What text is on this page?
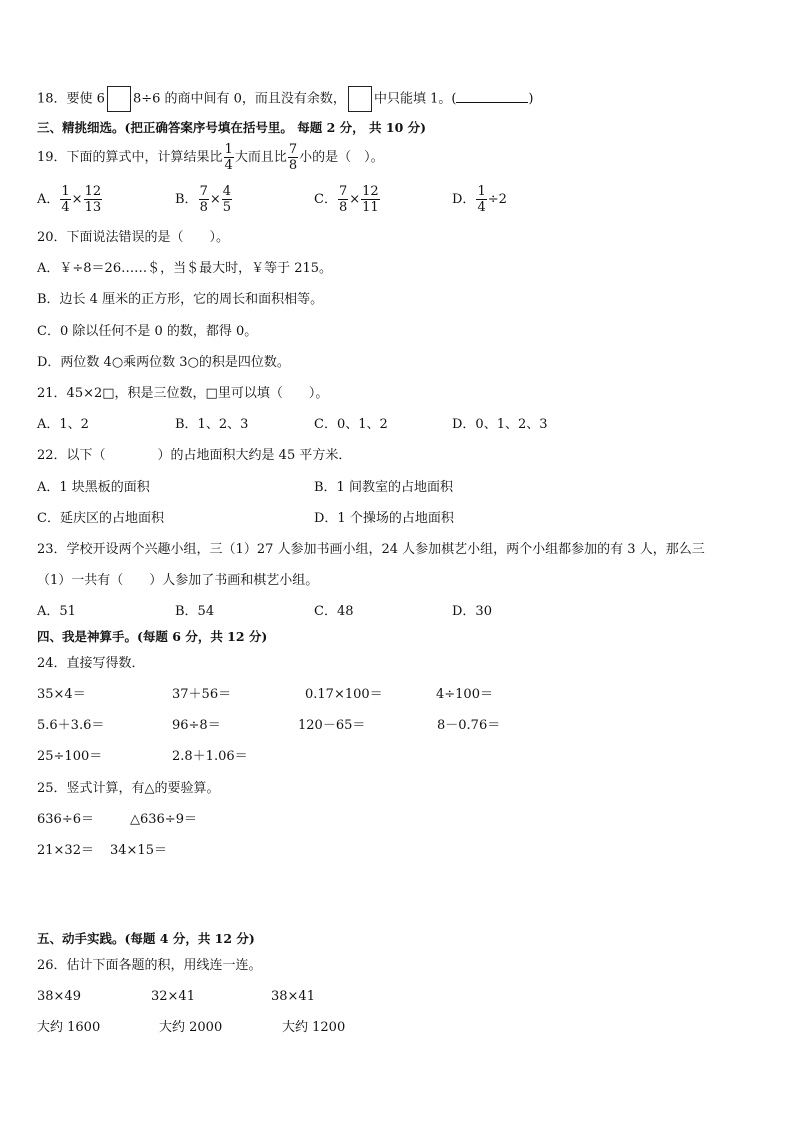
18．要使 6 8÷6 的商中间有 0，而且没有余数， 中只能填 1。(	)
三、精挑细选。(把正确答案序号填在括号里。 每题 2 分， 共 10 分)
19．下面的算式中，计算结果比 $\frac{1}{4}$ 大而且比 $\frac{7}{8}$ 小的是（　）。
A． $\frac{1}{4} \times \frac{12}{13}$	B． $\frac{7}{8} \times \frac{4}{5}$	C． $\frac{7}{8} \times \frac{12}{11}$	D． $\frac{1}{4} \div 2$
20．下面说法错误的是（　　）。
A．￥÷8＝26……＄，当＄最大时，￥等于 215。
B．边长 4 厘米的正方形，它的周长和面积相等。
C．0 除以任何不是 0 的数，都得 0。
D．两位数 4○乘两位数 3○的积是四位数。
21．45×2□，积是三位数，□里可以填（　　）。
A．1、2	B．1、2、3	C．0、1、2	D．0、1、2、3
22．以下（　　　　）的占地面积大约是 45 平方米．
A．1 块黑板的面积	B．1 间教室的占地面积
C．延庆区的占地面积	D．1 个操场的占地面积
23．学校开设两个兴趣小组，三（1）27 人参加书画小组，24 人参加棋艺小组，两个小组都参加的有 3 人，那么三
（1）一共有（　　）人参加了书画和棋艺小组。
A．51	B．54	C．48	D．30
四、我是神算手。(每题 6 分，共 12 分)
24．直接写得数．
35×4＝	37＋56＝	0.17×100＝	4÷100＝
5.6＋3.6＝	96÷8＝	120－65＝	8－0.76＝
25÷100＝	2.8＋1.06＝
25．竖式计算，有△的要验算。
636÷6＝	△636÷9＝
21×32＝ 34×15＝
五、动手实践。(每题 4 分，共 12 分)
26．估计下面各题的积，用线连一连。
38×49	32×41	38×41
大约 1600	大约 2000	大约 1200
